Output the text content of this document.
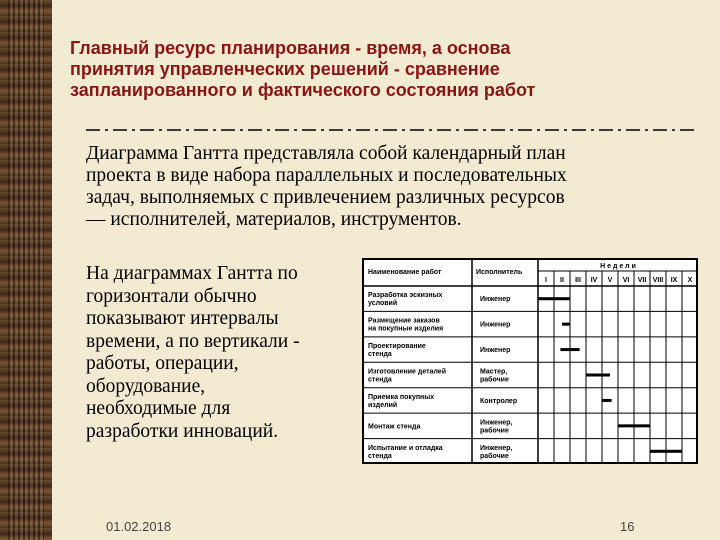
Главный ресурс планирования - время, а основа
принятия управленческих решений - сравнение
запланированного и фактического состояния работ

Диаграмма Гантта представляла собой календарный план
проекта в виде набора параллельных и последовательных
задач, выполняемых с привлечением различных ресурсов
— исполнителей, материалов, инструментов.

На диаграммах Гантта по
горизонтали обычно
показывают интервалы
времени, а по вертикали -
работы, операции,
оборудование,
необходимые для
разработки инноваций.

Наименование работ	Исполнитель
Н е д е л и
I II III IV V VI VII VIII IX X
Разработка эскизных
условий
Инженер
Размещение заказов
на покупные изделия
Инженер
Проектирование
стенда
Инженер
Изготовление деталей
стенда
Мастер,
рабочие
Приемка покупных
изделий
Контролер
Монтаж стенда
Инженер,
рабочие
Испытание и отладка
стенда
Инженер,
рабочие
01.02.2018	16
